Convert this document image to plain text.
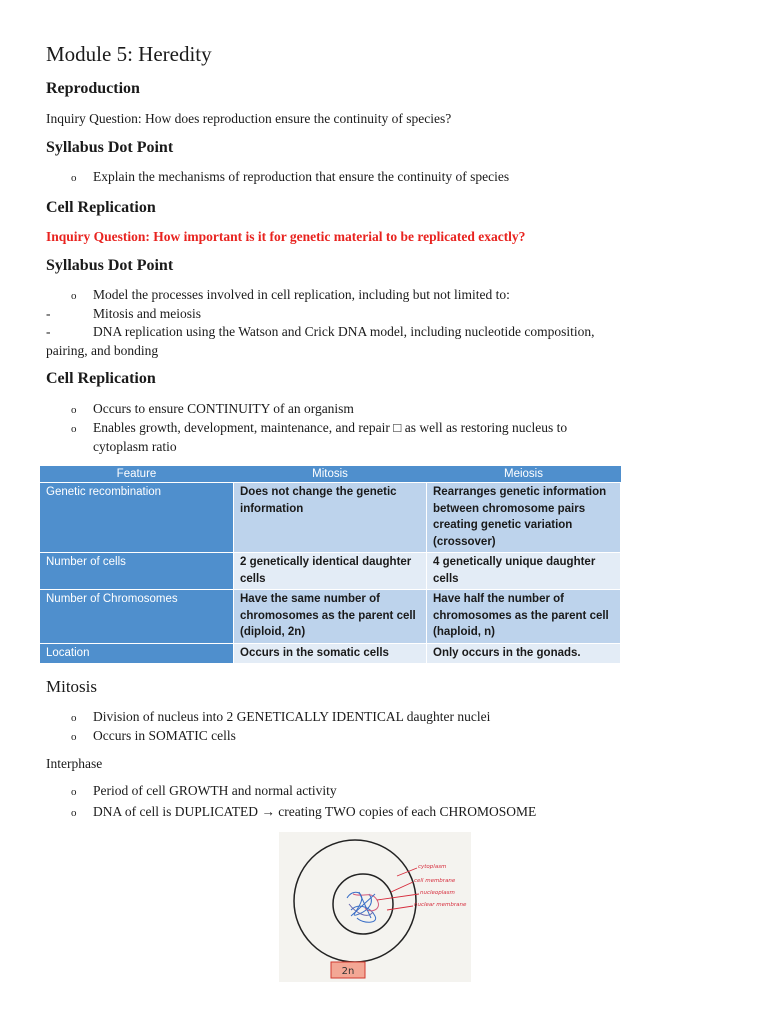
Module 5: Heredity
Reproduction

Inquiry Question: How does reproduction ensure the continuity of species?

Syllabus Dot Point
o Explain the mechanisms of reproduction that ensure the continuity of species

Cell Replication

Inquiry Question: How important is it for genetic material to be replicated exactly?

Syllabus Dot Point
o Model the processes involved in cell replication, including but not limited to:

-	Mitosis and meiosis

-	DNA replication using the Watson and Crick DNA model, including nucleotide composition,

pairing, and bonding

Cell Replication
o Occurs to ensure CONTINUITY of an organism

o Enables growth, development, maintenance, and repair □ as well as restoring nucleus to

cytoplasm ratio

Feature	Mitosis	Meiosis
Genetic recombination	Does not change the genetic information	Rearranges genetic information between chromosome pairs creating genetic variation (crossover)
Number of cells	2 genetically identical daughter cells	4 genetically unique daughter cells
Number of Chromosomes	Have the same number of chromosomes as the parent cell (diploid, 2n)	Have half the number of chromosomes as the parent cell (haploid, n)
Location	Occurs in the somatic cells	Only occurs in the gonads.
Mitosis
o Division of nucleus into 2 GENETICALLY IDENTICAL daughter nuclei

o Occurs in SOMATIC cells

Interphase

o Period of cell GROWTH and normal activity

o DNA of cell is DUPLICATED → creating TWO copies of each CHROMOSOME

cytoplasm
cell membrane
nucleoplasm
nuclear membrane
2n
